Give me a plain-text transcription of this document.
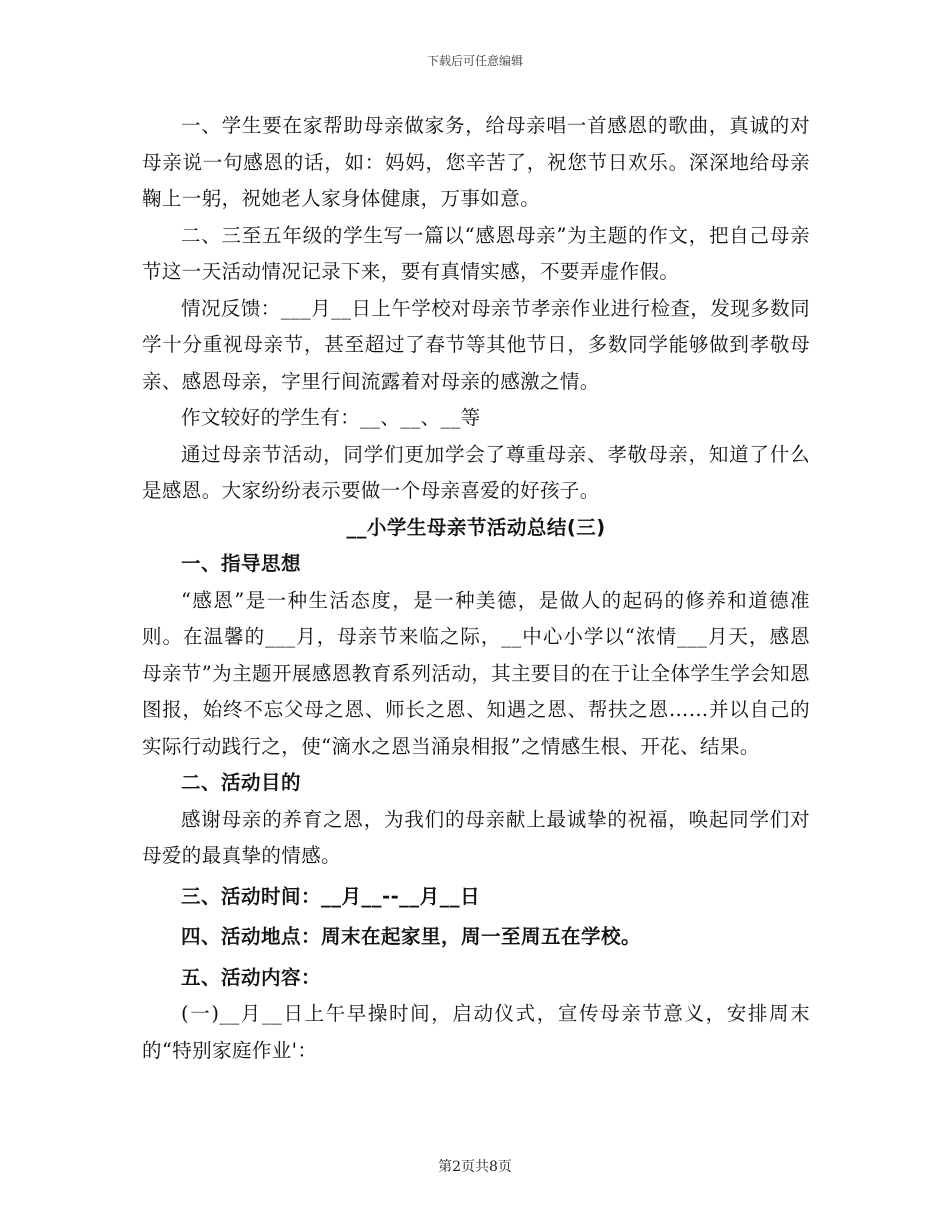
下载后可任意编辑

一、学生要在家帮助母亲做家务，给母亲唱一首感恩的歌曲，真诚的对母亲说一句感恩的话，如：妈妈，您辛苦了，祝您节日欢乐。深深地给母亲鞠上一躬，祝她老人家身体健康，万事如意。

二、三至五年级的学生写一篇以“感恩母亲”为主题的作文，把自己母亲节这一天活动情况记录下来，要有真情实感，不要弄虚作假。

情况反馈：___月__日上午学校对母亲节孝亲作业进行检查，发现多数同学十分重视母亲节，甚至超过了春节等其他节日，多数同学能够做到孝敬母亲、感恩母亲，字里行间流露着对母亲的感激之情。

作文较好的学生有：__、__、__等

通过母亲节活动，同学们更加学会了尊重母亲、孝敬母亲，知道了什么是感恩。大家纷纷表示要做一个母亲喜爱的好孩子。

__小学生母亲节活动总结(三)

一、指导思想

“感恩”是一种生活态度，是一种美德，是做人的起码的修养和道德准则。在温馨的___月，母亲节来临之际，__中心小学以“浓情___月天，感恩母亲节”为主题开展感恩教育系列活动，其主要目的在于让全体学生学会知恩图报，始终不忘父母之恩、师长之恩、知遇之恩、帮扶之恩……并以自己的实际行动践行之，使“滴水之恩当涌泉相报”之情感生根、开花、结果。

二、活动目的

感谢母亲的养育之恩，为我们的母亲献上最诚挚的祝福，唤起同学们对母爱的最真挚的情感。

三、活动时间：__月__--__月__日

四、活动地点：周末在起家里，周一至周五在学校。

五、活动内容：

(一)__月__日上午早操时间，启动仪式，宣传母亲节意义，安排周末的“特别家庭作业'：

第2页共8页
